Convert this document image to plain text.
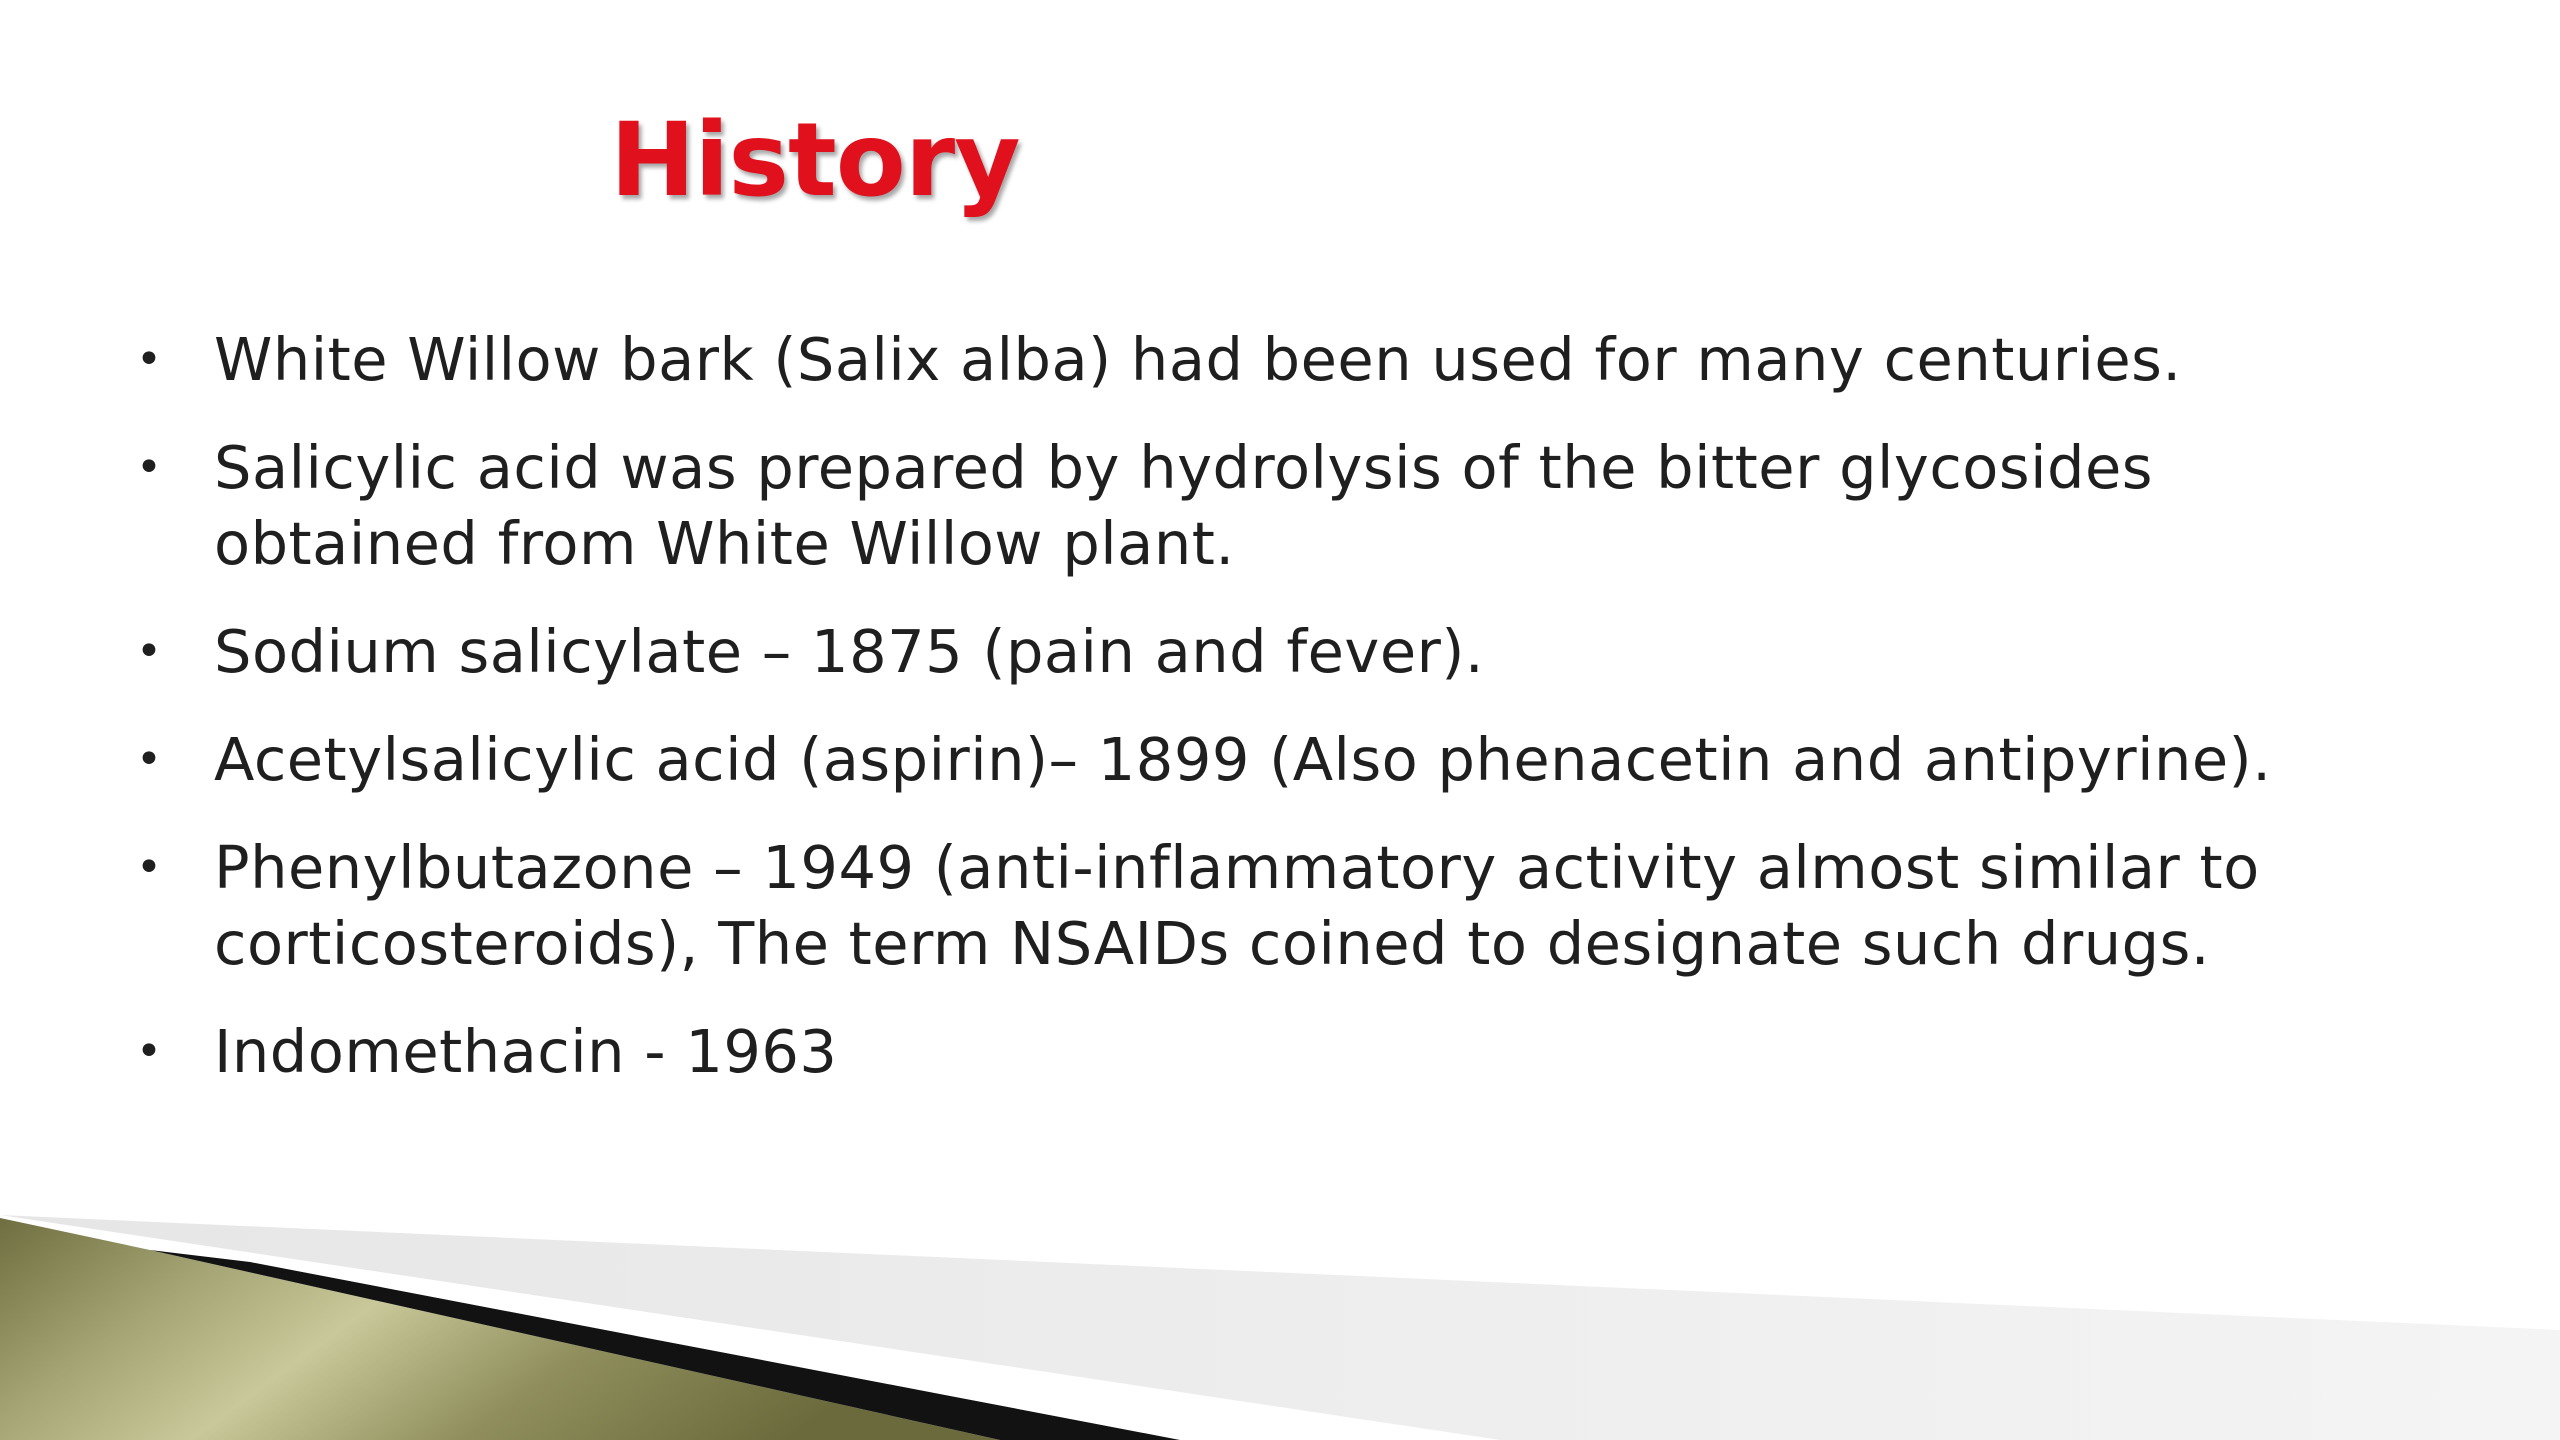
History
• White Willow bark (Salix alba) had been used for many centuries.
• Salicylic acid was prepared by hydrolysis of the bitter glycosides obtained from White Willow plant.
• Sodium salicylate – 1875 (pain and fever).
• Acetylsalicylic acid (aspirin)– 1899 (Also phenacetin and antipyrine).
• Phenylbutazone – 1949 (anti-inflammatory activity almost similar to corticosteroids), The term NSAIDs coined to designate such drugs.
• Indomethacin - 1963
